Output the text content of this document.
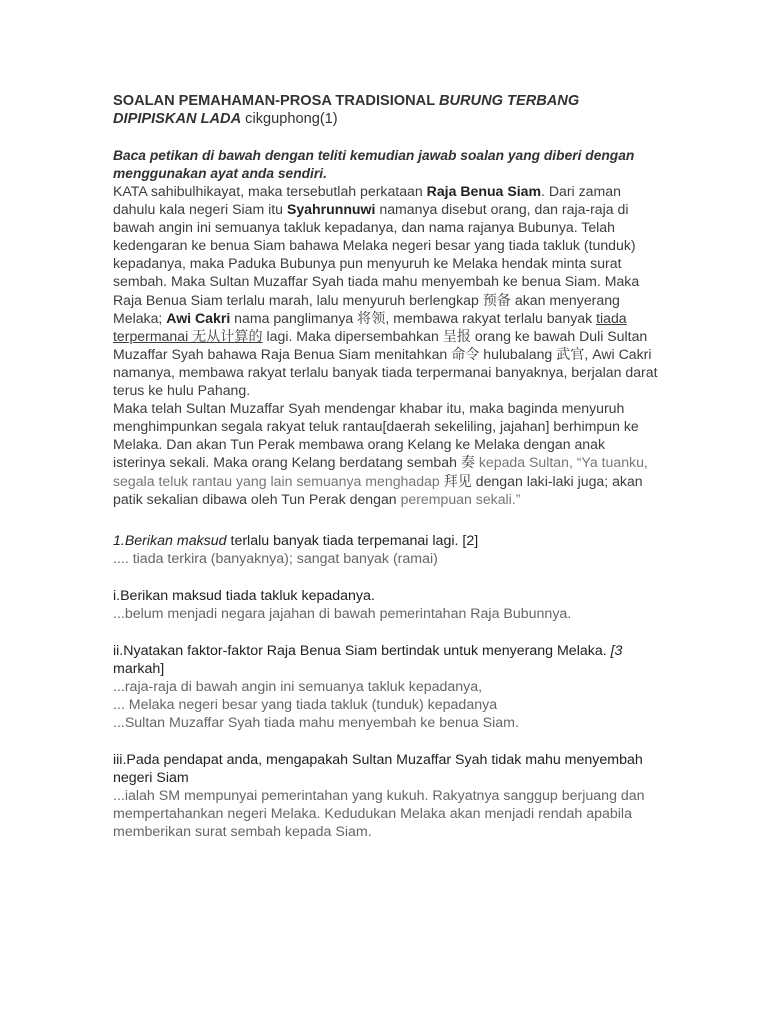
SOALAN PEMAHAMAN-PROSA TRADISIONAL BURUNG TERBANG DIPIPISKAN LADA cikguphong(1)
Baca petikan di bawah dengan teliti kemudian jawab soalan yang diberi dengan menggunakan ayat anda sendiri.
KATA sahibulhikayat, maka tersebutlah perkataan Raja Benua Siam. Dari zaman dahulu kala negeri Siam itu Syahrunnuwi namanya disebut orang, dan raja-raja di bawah angin ini semuanya takluk kepadanya, dan nama rajanya Bubunya. Telah kedengaran ke benua Siam bahawa Melaka negeri besar yang tiada takluk (tunduk) kepadanya, maka Paduka Bubunya pun menyuruh ke Melaka hendak minta surat sembah. Maka Sultan Muzaffar Syah tiada mahu menyembah ke benua Siam. Maka Raja Benua Siam terlalu marah, lalu menyuruh berlengkap 预备 akan menyerang Melaka; Awi Cakri nama panglimanya 将领, membawa rakyat terlalu banyak tiada terpermanai 无从计算的 lagi. Maka dipersembahkan 呈报 orang ke bawah Duli Sultan Muzaffar Syah bahawa Raja Benua Siam menitahkan 命令 hulubalang 武官, Awi Cakri namanya, membawa rakyat terlalu banyak tiada terpermanai banyaknya, berjalan darat terus ke hulu Pahang.
Maka telah Sultan Muzaffar Syah mendengar khabar itu, maka baginda menyuruh menghimpunkan segala rakyat teluk rantau[daerah sekeliling, jajahan] berhimpun ke Melaka. Dan akan Tun Perak membawa orang Kelang ke Melaka dengan anak isterinya sekali. Maka orang Kelang berdatang sembah 奏 kepada Sultan, “Ya tuanku, segala teluk rantau yang lain semuanya menghadap 拜见 dengan laki-laki juga; akan patik sekalian dibawa oleh Tun Perak dengan perempuan sekali.”
1.Berikan maksud terlalu banyak tiada terpemanai lagi. [2]
.... tiada terkira (banyaknya); sangat banyak (ramai)
i.Berikan maksud tiada takluk kepadanya.
...belum menjadi negara jajahan di bawah pemerintahan Raja Bubunnya.
ii.Nyatakan faktor-faktor Raja Benua Siam bertindak untuk menyerang Melaka. [3 markah]
...raja-raja di bawah angin ini semuanya takluk kepadanya,
... Melaka negeri besar yang tiada takluk (tunduk) kepadanya
...Sultan Muzaffar Syah tiada mahu menyembah ke benua Siam.
iii.Pada pendapat anda, mengapakah Sultan Muzaffar Syah tidak mahu menyembah negeri Siam
...ialah SM mempunyai pemerintahan yang kukuh. Rakyatnya sanggup berjuang dan mempertahankan negeri Melaka. Kedudukan Melaka akan menjadi rendah apabila memberikan surat sembah kepada Siam.
